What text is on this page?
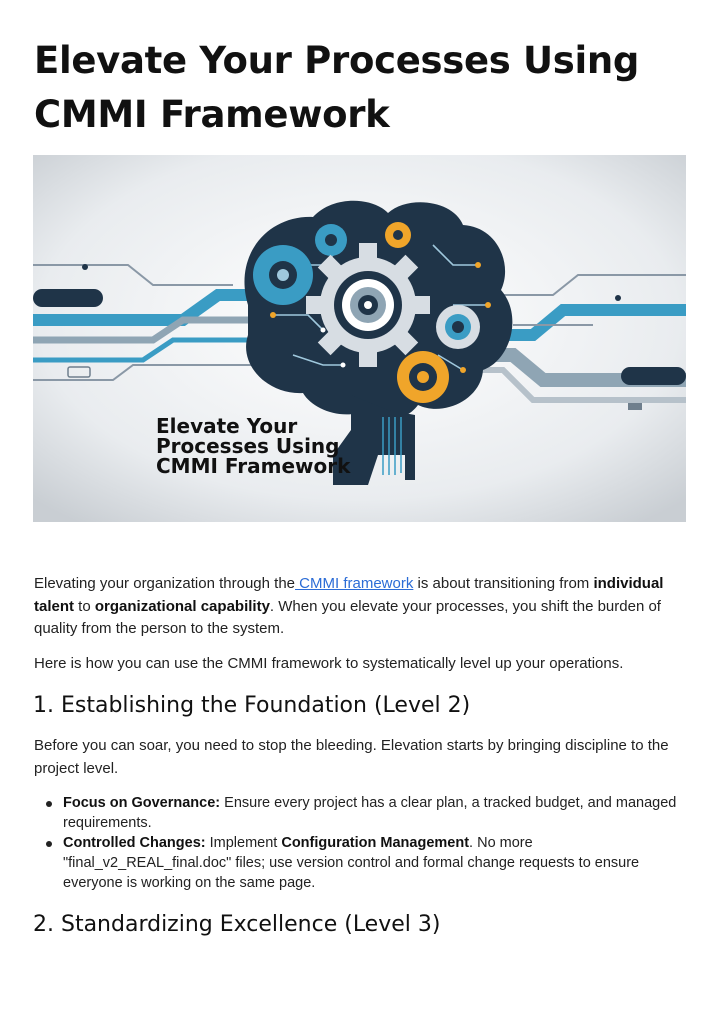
Elevate Your Processes Using CMMI Framework
Elevate Your
Processes Using
CMMI Framework

Elevating your organization through the CMMI framework is about transitioning from individual talent to organizational capability. When you elevate your processes, you shift the burden of quality from the person to the system.

Here is how you can use the CMMI framework to systematically level up your operations.

1. Establishing the Foundation (Level 2)

Before you can soar, you need to stop the bleeding. Elevation starts by bringing discipline to the project level.

Focus on Governance: Ensure every project has a clear plan, a tracked budget, and managed requirements.
Controlled Changes: Implement Configuration Management. No more "final_v2_REAL_final.doc" files; use version control and formal change requests to ensure everyone is working on the same page.
2. Standardizing Excellence (Level 3)
